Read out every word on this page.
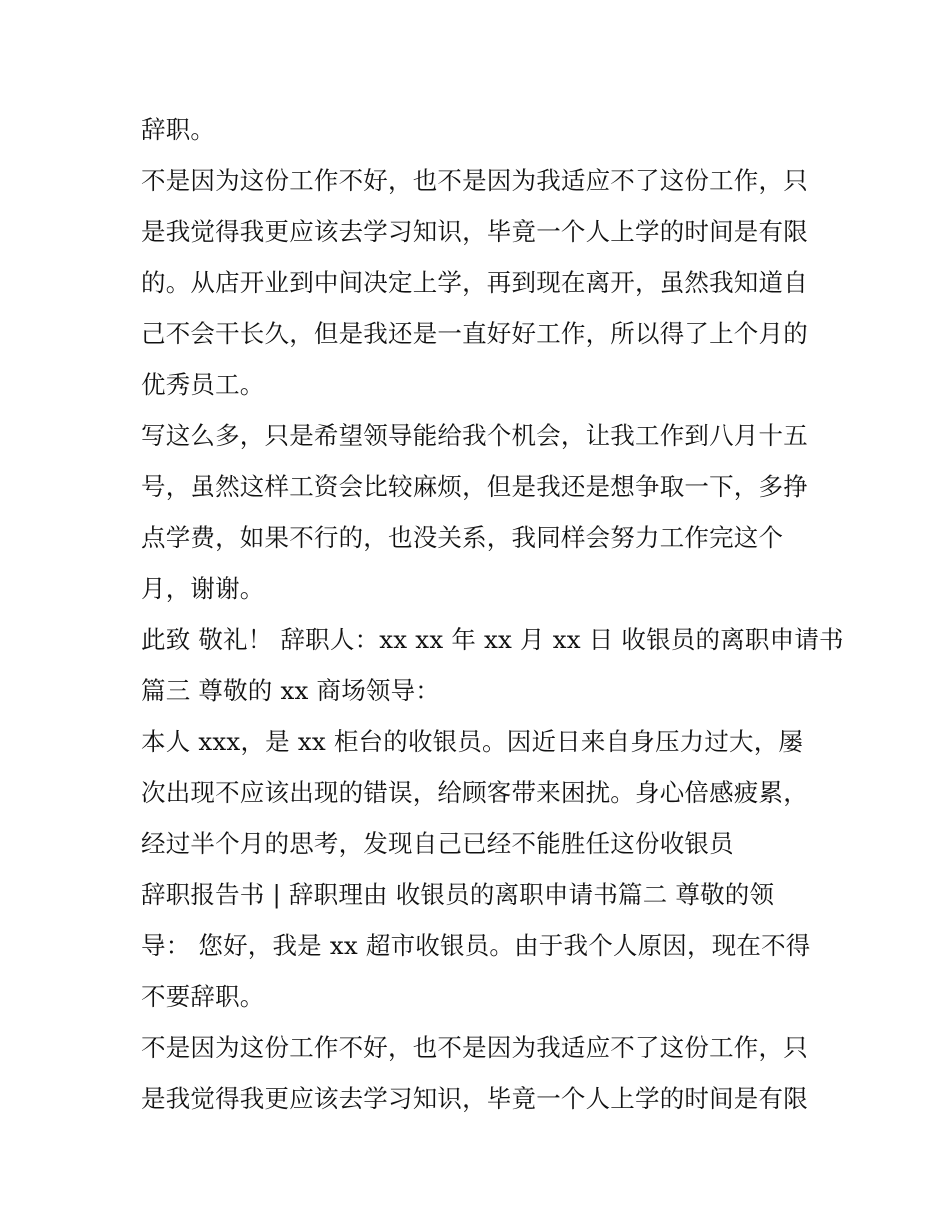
辞职。
不是因为这份工作不好，也不是因为我适应不了这份工作，只
是我觉得我更应该去学习知识，毕竟一个人上学的时间是有限
的。从店开业到中间决定上学，再到现在离开，虽然我知道自
己不会干长久，但是我还是一直好好工作，所以得了上个月的
优秀员工。
写这么多，只是希望领导能给我个机会，让我工作到八月十五
号，虽然这样工资会比较麻烦，但是我还是想争取一下，多挣
点学费，如果不行的，也没关系，我同样会努力工作完这个
月，谢谢。
此致 敬礼！ 辞职人：xx xx 年 xx 月 xx 日 收银员的离职申请书
篇三 尊敬的 xx 商场领导：
本人 xxx，是 xx 柜台的收银员。因近日来自身压力过大，屡
次出现不应该出现的错误，给顾客带来困扰。身心倍感疲累，
经过半个月的思考，发现自己已经不能胜任这份收银员
辞职报告书 | 辞职理由 收银员的离职申请书篇二 尊敬的领
导： 您好，我是 xx 超市收银员。由于我个人原因，现在不得
不要辞职。
不是因为这份工作不好，也不是因为我适应不了这份工作，只
是我觉得我更应该去学习知识，毕竟一个人上学的时间是有限
